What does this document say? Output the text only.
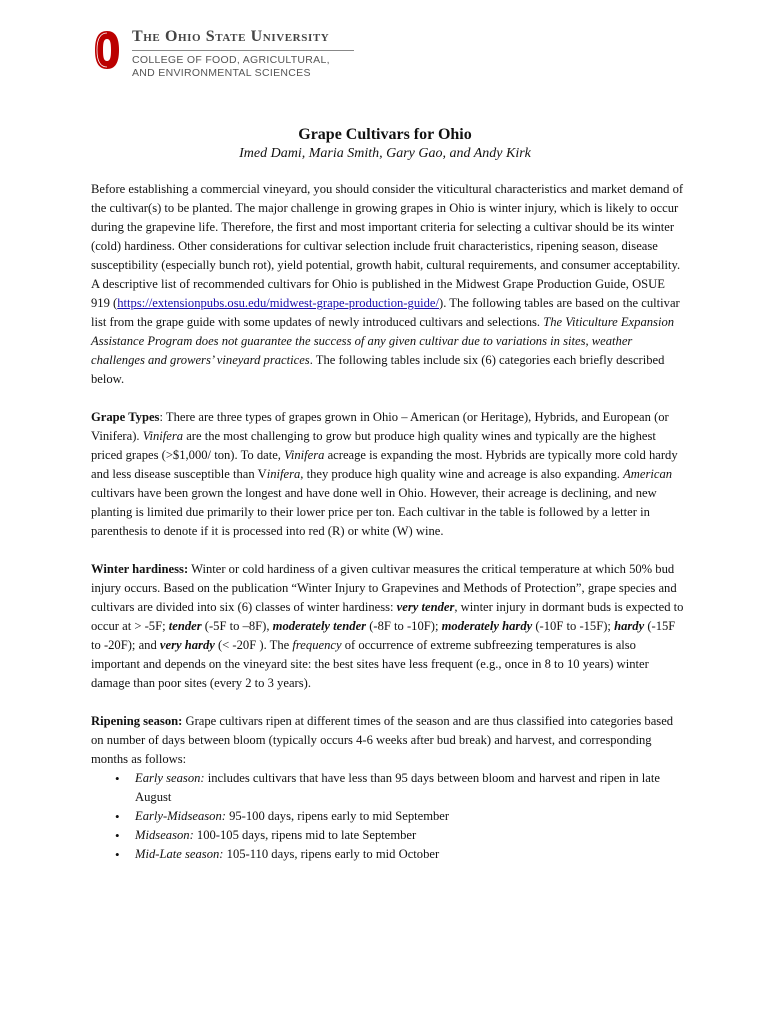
The Ohio State University
COLLEGE OF FOOD, AGRICULTURAL,
AND ENVIRONMENTAL SCIENCES
Grape Cultivars for Ohio
Imed Dami, Maria Smith, Gary Gao, and Andy Kirk

Before establishing a commercial vineyard, you should consider the viticultural characteristics and market demand of the cultivar(s) to be planted. The major challenge in growing grapes in Ohio is winter injury, which is likely to occur during the grapevine life. Therefore, the first and most important criteria for selecting a cultivar should be its winter (cold) hardiness. Other considerations for cultivar selection include fruit characteristics, ripening season, disease susceptibility (especially bunch rot), yield potential, growth habit, cultural requirements, and consumer acceptability. A descriptive list of recommended cultivars for Ohio is published in the Midwest Grape Production Guide, OSUE 919 (https://extensionpubs.osu.edu/midwest-grape-production-guide/). The following tables are based on the cultivar list from the grape guide with some updates of newly introduced cultivars and selections. The Viticulture Expansion Assistance Program does not guarantee the success of any given cultivar due to variations in sites, weather challenges and growers’ vineyard practices. The following tables include six (6) categories each briefly described below.

Grape Types: There are three types of grapes grown in Ohio – American (or Heritage), Hybrids, and European (or Vinifera). Vinifera are the most challenging to grow but produce high quality wines and typically are the highest priced grapes (>$1,000/ ton). To date, Vinifera acreage is expanding the most. Hybrids are typically more cold hardy and less disease susceptible than Vinifera, they produce high quality wine and acreage is also expanding. American cultivars have been grown the longest and have done well in Ohio. However, their acreage is declining, and new planting is limited due primarily to their lower price per ton. Each cultivar in the table is followed by a letter in parenthesis to denote if it is processed into red (R) or white (W) wine.

Winter hardiness: Winter or cold hardiness of a given cultivar measures the critical temperature at which 50% bud injury occurs. Based on the publication “Winter Injury to Grapevines and Methods of Protection”, grape species and cultivars are divided into six (6) classes of winter hardiness: very tender, winter injury in dormant buds is expected to occur at > -5F; tender (-5F to –8F), moderately tender (-8F to -10F); moderately hardy (-10F to -15F); hardy (-15F to -20F); and very hardy (< -20F ). The frequency of occurrence of extreme subfreezing temperatures is also important and depends on the vineyard site: the best sites have less frequent (e.g., once in 8 to 10 years) winter damage than poor sites (every 2 to 3 years).

Ripening season: Grape cultivars ripen at different times of the season and are thus classified into categories based on number of days between bloom (typically occurs 4-6 weeks after bud break) and harvest, and corresponding months as follows:
• Early season: includes cultivars that have less than 95 days between bloom and harvest and ripen in late August
• Early-Midseason: 95-100 days, ripens early to mid September
• Midseason: 100-105 days, ripens mid to late September
• Mid-Late season: 105-110 days, ripens early to mid October
